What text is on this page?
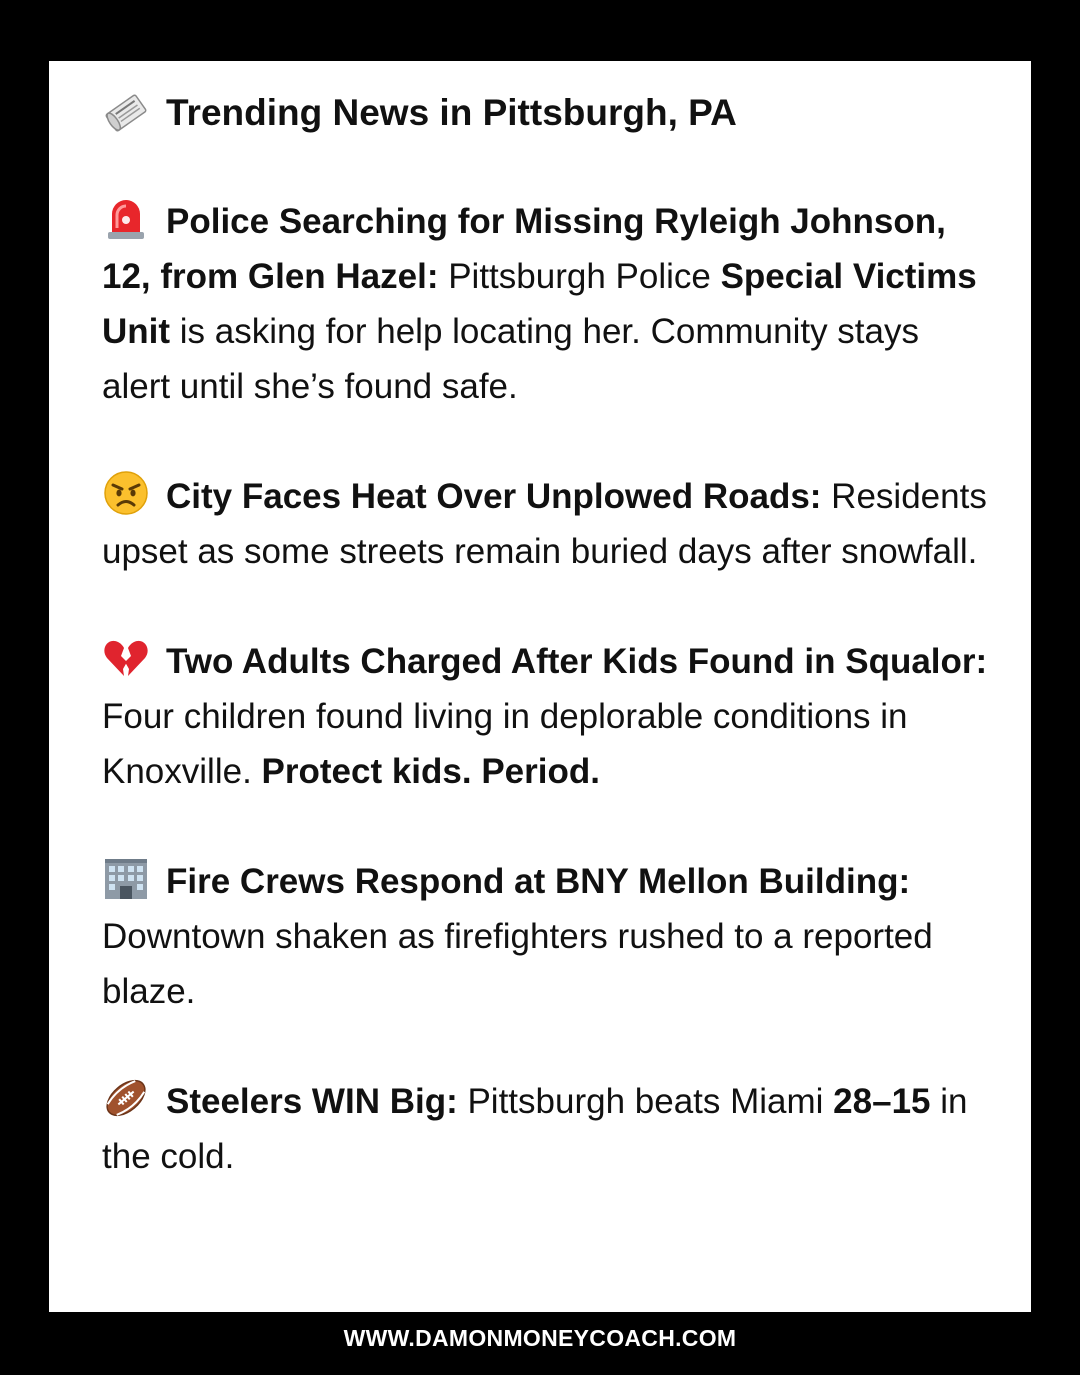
Trending News in Pittsburgh, PA

Police Searching for Missing Ryleigh Johnson, 12, from Glen Hazel: Pittsburgh Police Special Victims Unit is asking for help locating her. Community stays alert until she’s found safe.

City Faces Heat Over Unplowed Roads: Residents upset as some streets remain buried days after snowfall.

Two Adults Charged After Kids Found in Squalor: Four children found living in deplorable conditions in Knoxville. Protect kids. Period.

Fire Crews Respond at BNY Mellon Building: Downtown shaken as firefighters rushed to a reported blaze.

Steelers WIN Big: Pittsburgh beats Miami 28–15 in the cold.

WWW.DAMONMONEYCOACH.COM
